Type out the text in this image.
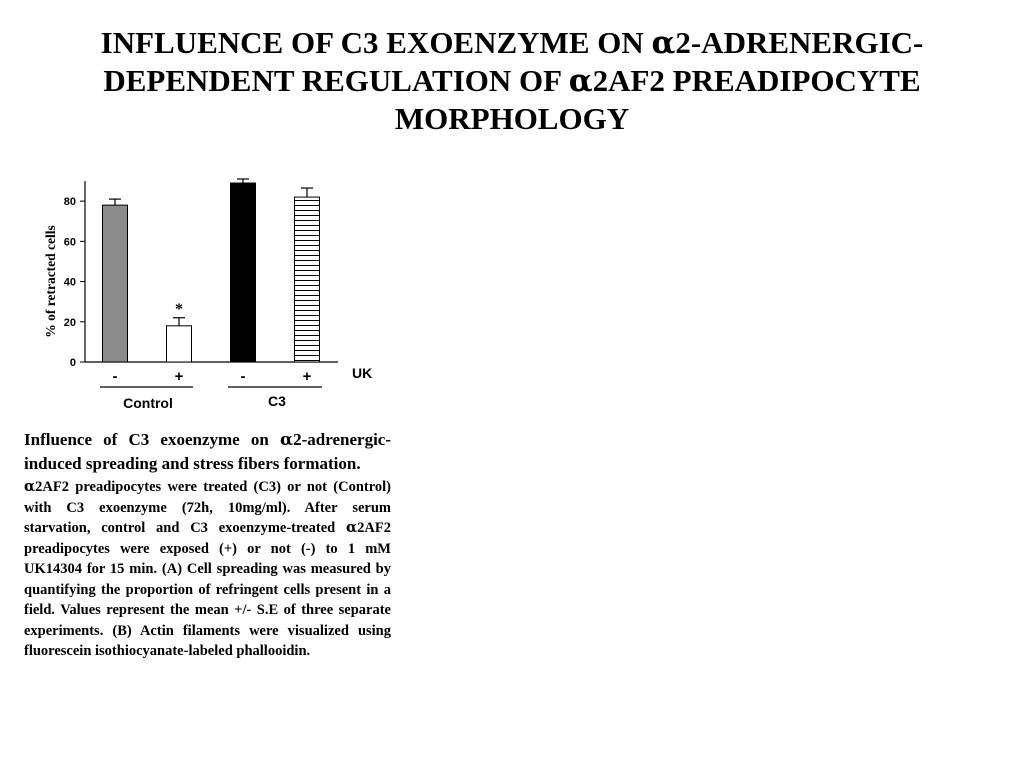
INFLUENCE OF C3 EXOENZYME ON α2-ADRENERGIC-
DEPENDENT REGULATION OF α2AF2 PREADIPOCYTE
MORPHOLOGY
0
20
40
60
80
% of retracted cells
-	+	-	+
*
UK
Control	C3

Influence of C3 exoenzyme on α2-adrenergic-induced spreading and stress fibers formation.

α2AF2 preadipocytes were treated (C3) or not (Control) with C3 exoenzyme (72h, 10mg/ml). After serum starvation, control and C3 exoenzyme-treated α2AF2 preadipocytes were exposed (+) or not (-) to 1 mM UK14304 for 15 min. (A) Cell spreading was measured by quantifying the proportion of refringent cells present in a field. Values represent the mean +/- S.E of three separate experiments. (B) Actin filaments were visualized using fluorescein isothiocyanate-labeled phallooidin.
